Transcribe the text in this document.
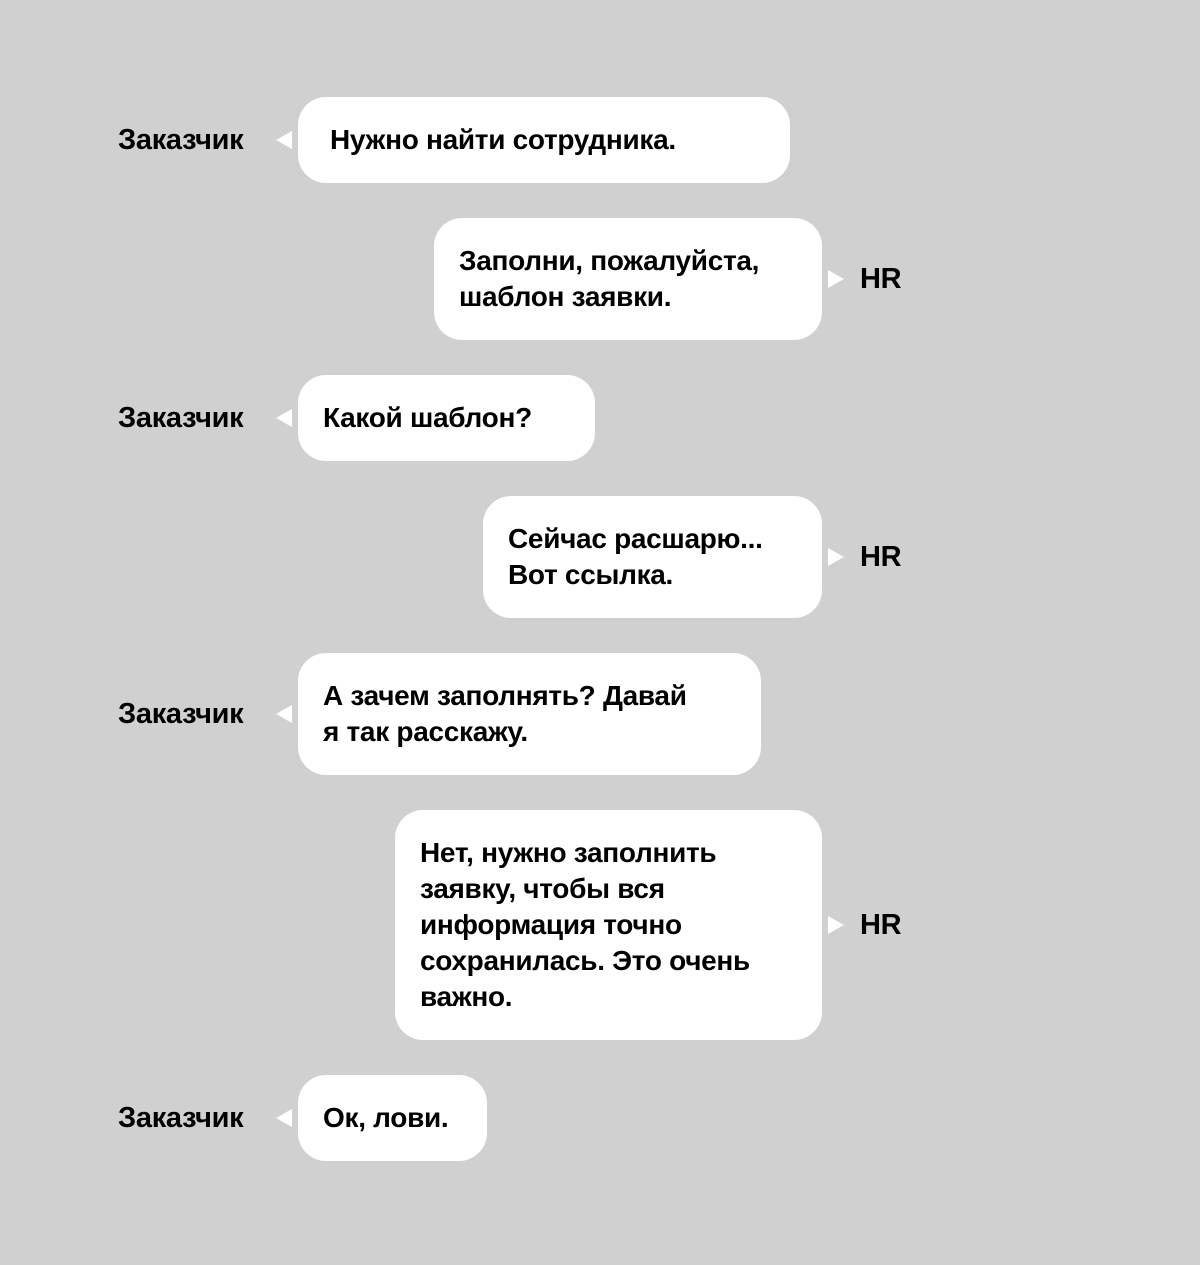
Заказчик	Нужно найти сотрудника.
Заполни, пожалуйста,
шаблон заявки.
HR
Заказчик	Какой шаблон?
Сейчас расшарю...
Вот ссылка.
HR
Заказчик
А зачем заполнять? Давай
я так расскажу.
Нет, нужно заполнить
заявку, чтобы вся
информация точно
сохранилась. Это очень
важно.
HR
Заказчик	Ок, лови.
